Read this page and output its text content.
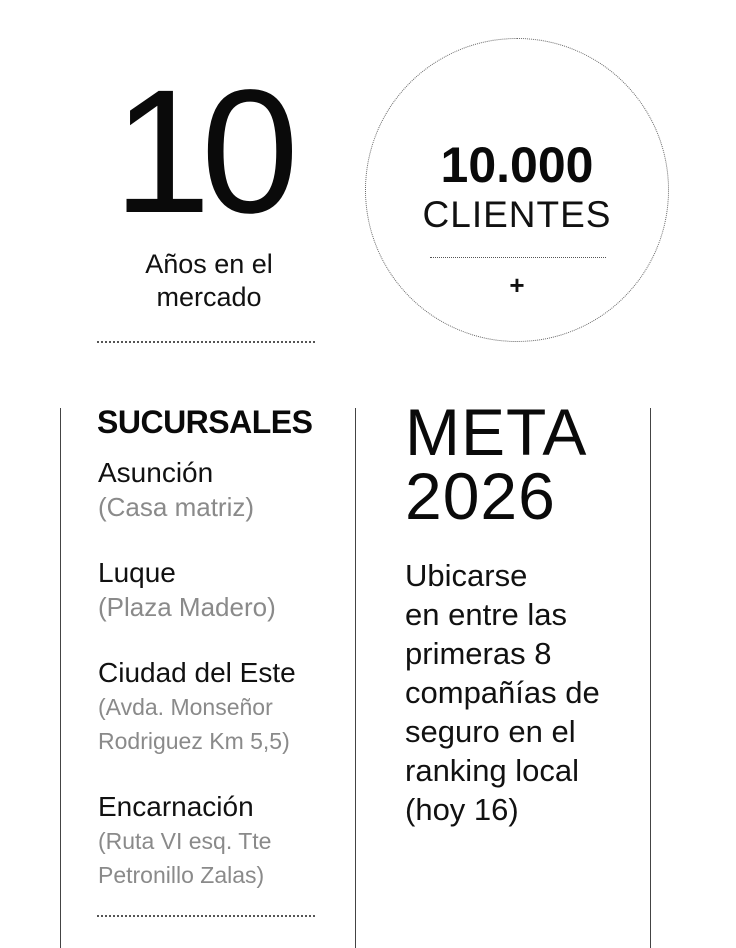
10
Años en el
mercado
10.000
CLIENTES
+
SUCURSALES
Asunción
(Casa matriz)
Luque
(Plaza Madero)
Ciudad del Este
(Avda. Monseñor
Rodriguez Km 5,5)
Encarnación
(Ruta VI esq. Tte
Petronillo Zalas)
META
2026
Ubicarse
en entre las
primeras 8
compañías de
seguro en el
ranking local
(hoy 16)
